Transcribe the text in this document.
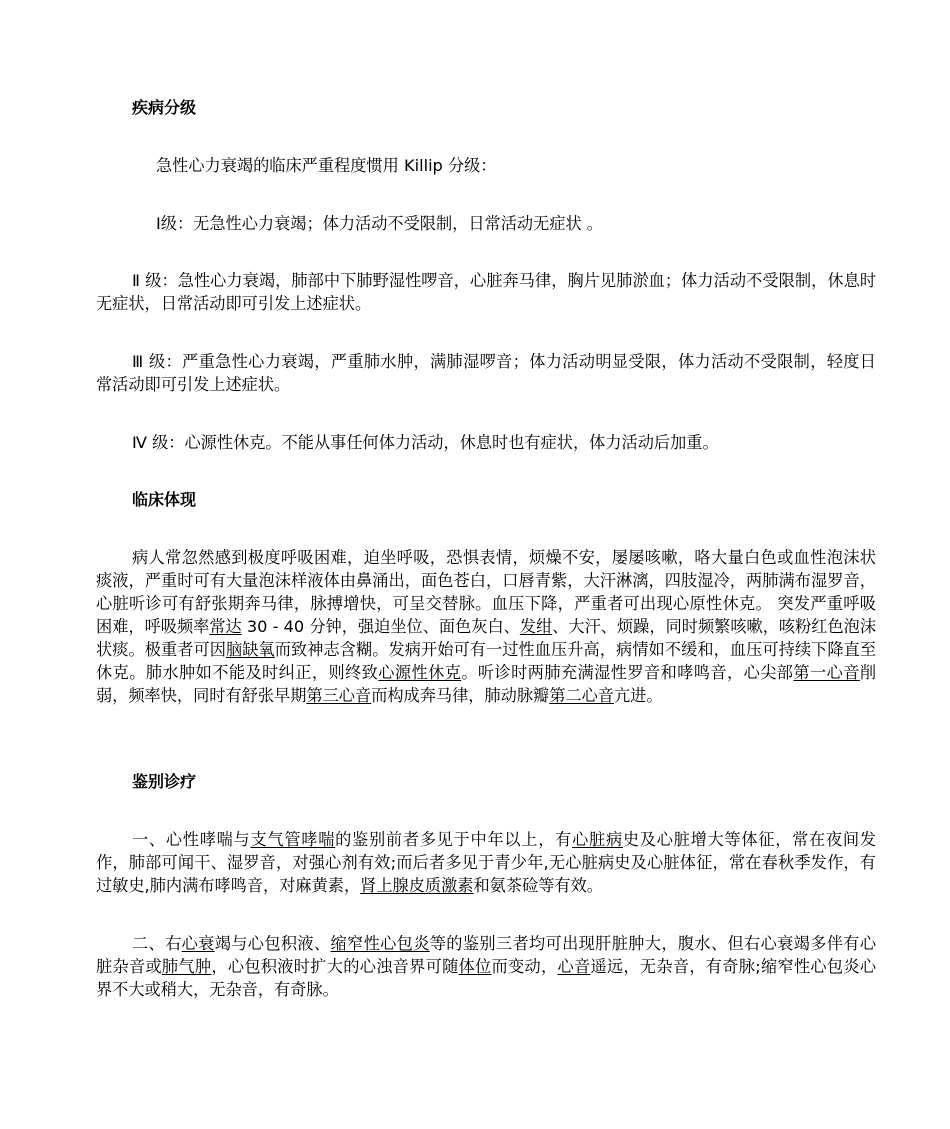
疾病分级
急性心力衰竭的临床严重程度惯用 Killip 分级：
Ⅰ级：无急性心力衰竭；体力活动不受限制，日常活动无症状 。
Ⅱ 级：急性心力衰竭，肺部中下肺野湿性啰音，心脏奔马律，胸片见肺淤血；体力活动不受限制，休息时无症状，日常活动即可引发上述症状。
Ⅲ 级：严重急性心力衰竭，严重肺水肿，满肺湿啰音；体力活动明显受限，体力活动不受限制，轻度日常活动即可引发上述症状。
Ⅳ 级：心源性休克。不能从事任何体力活动，休息时也有症状，体力活动后加重。
临床体现
病人常忽然感到极度呼吸困难，迫坐呼吸，恐惧表情，烦燥不安，屡屡咳嗽，咯大量白色或血性泡沫状痰液，严重时可有大量泡沫样液体由鼻涌出，面色苍白，口唇青紫，大汗淋漓，四肢湿冷，两肺满布湿罗音，心脏听诊可有舒张期奔马律，脉搏增快，可呈交替脉。血压下降，严重者可出现心原性休克。 突发严重呼吸困难，呼吸频率常达 30 - 40 分钟，强迫坐位、面色灰白、发绀、大汗、烦躁，同时频繁咳嗽，咳粉红色泡沫状痰。极重者可因脑缺氧而致神志含糊。发病开始可有一过性血压升高，病情如不缓和，血压可持续下降直至休克。肺水肿如不能及时纠正，则终致心源性休克。听诊时两肺充满湿性罗音和哮鸣音，心尖部第一心音削弱，频率快，同时有舒张早期第三心音而构成奔马律，肺动脉瓣第二心音亢进。
鉴别诊疗
一、心性哮喘与支气管哮喘的鉴别前者多见于中年以上，有心脏病史及心脏增大等体征，常在夜间发作，肺部可闻干、湿罗音，对强心剂有效;而后者多见于青少年,无心脏病史及心脏体征，常在春秋季发作，有过敏史,肺内满布哮鸣音，对麻黄素，肾上腺皮质激素和氨茶硷等有效。
二、右心衰竭与心包积液、缩窄性心包炎等的鉴别三者均可出现肝脏肿大，腹水、但右心衰竭多伴有心脏杂音或肺气肿，心包积液时扩大的心浊音界可随体位而变动，心音遥远，无杂音，有奇脉;缩窄性心包炎心界不大或稍大，无杂音，有奇脉。
